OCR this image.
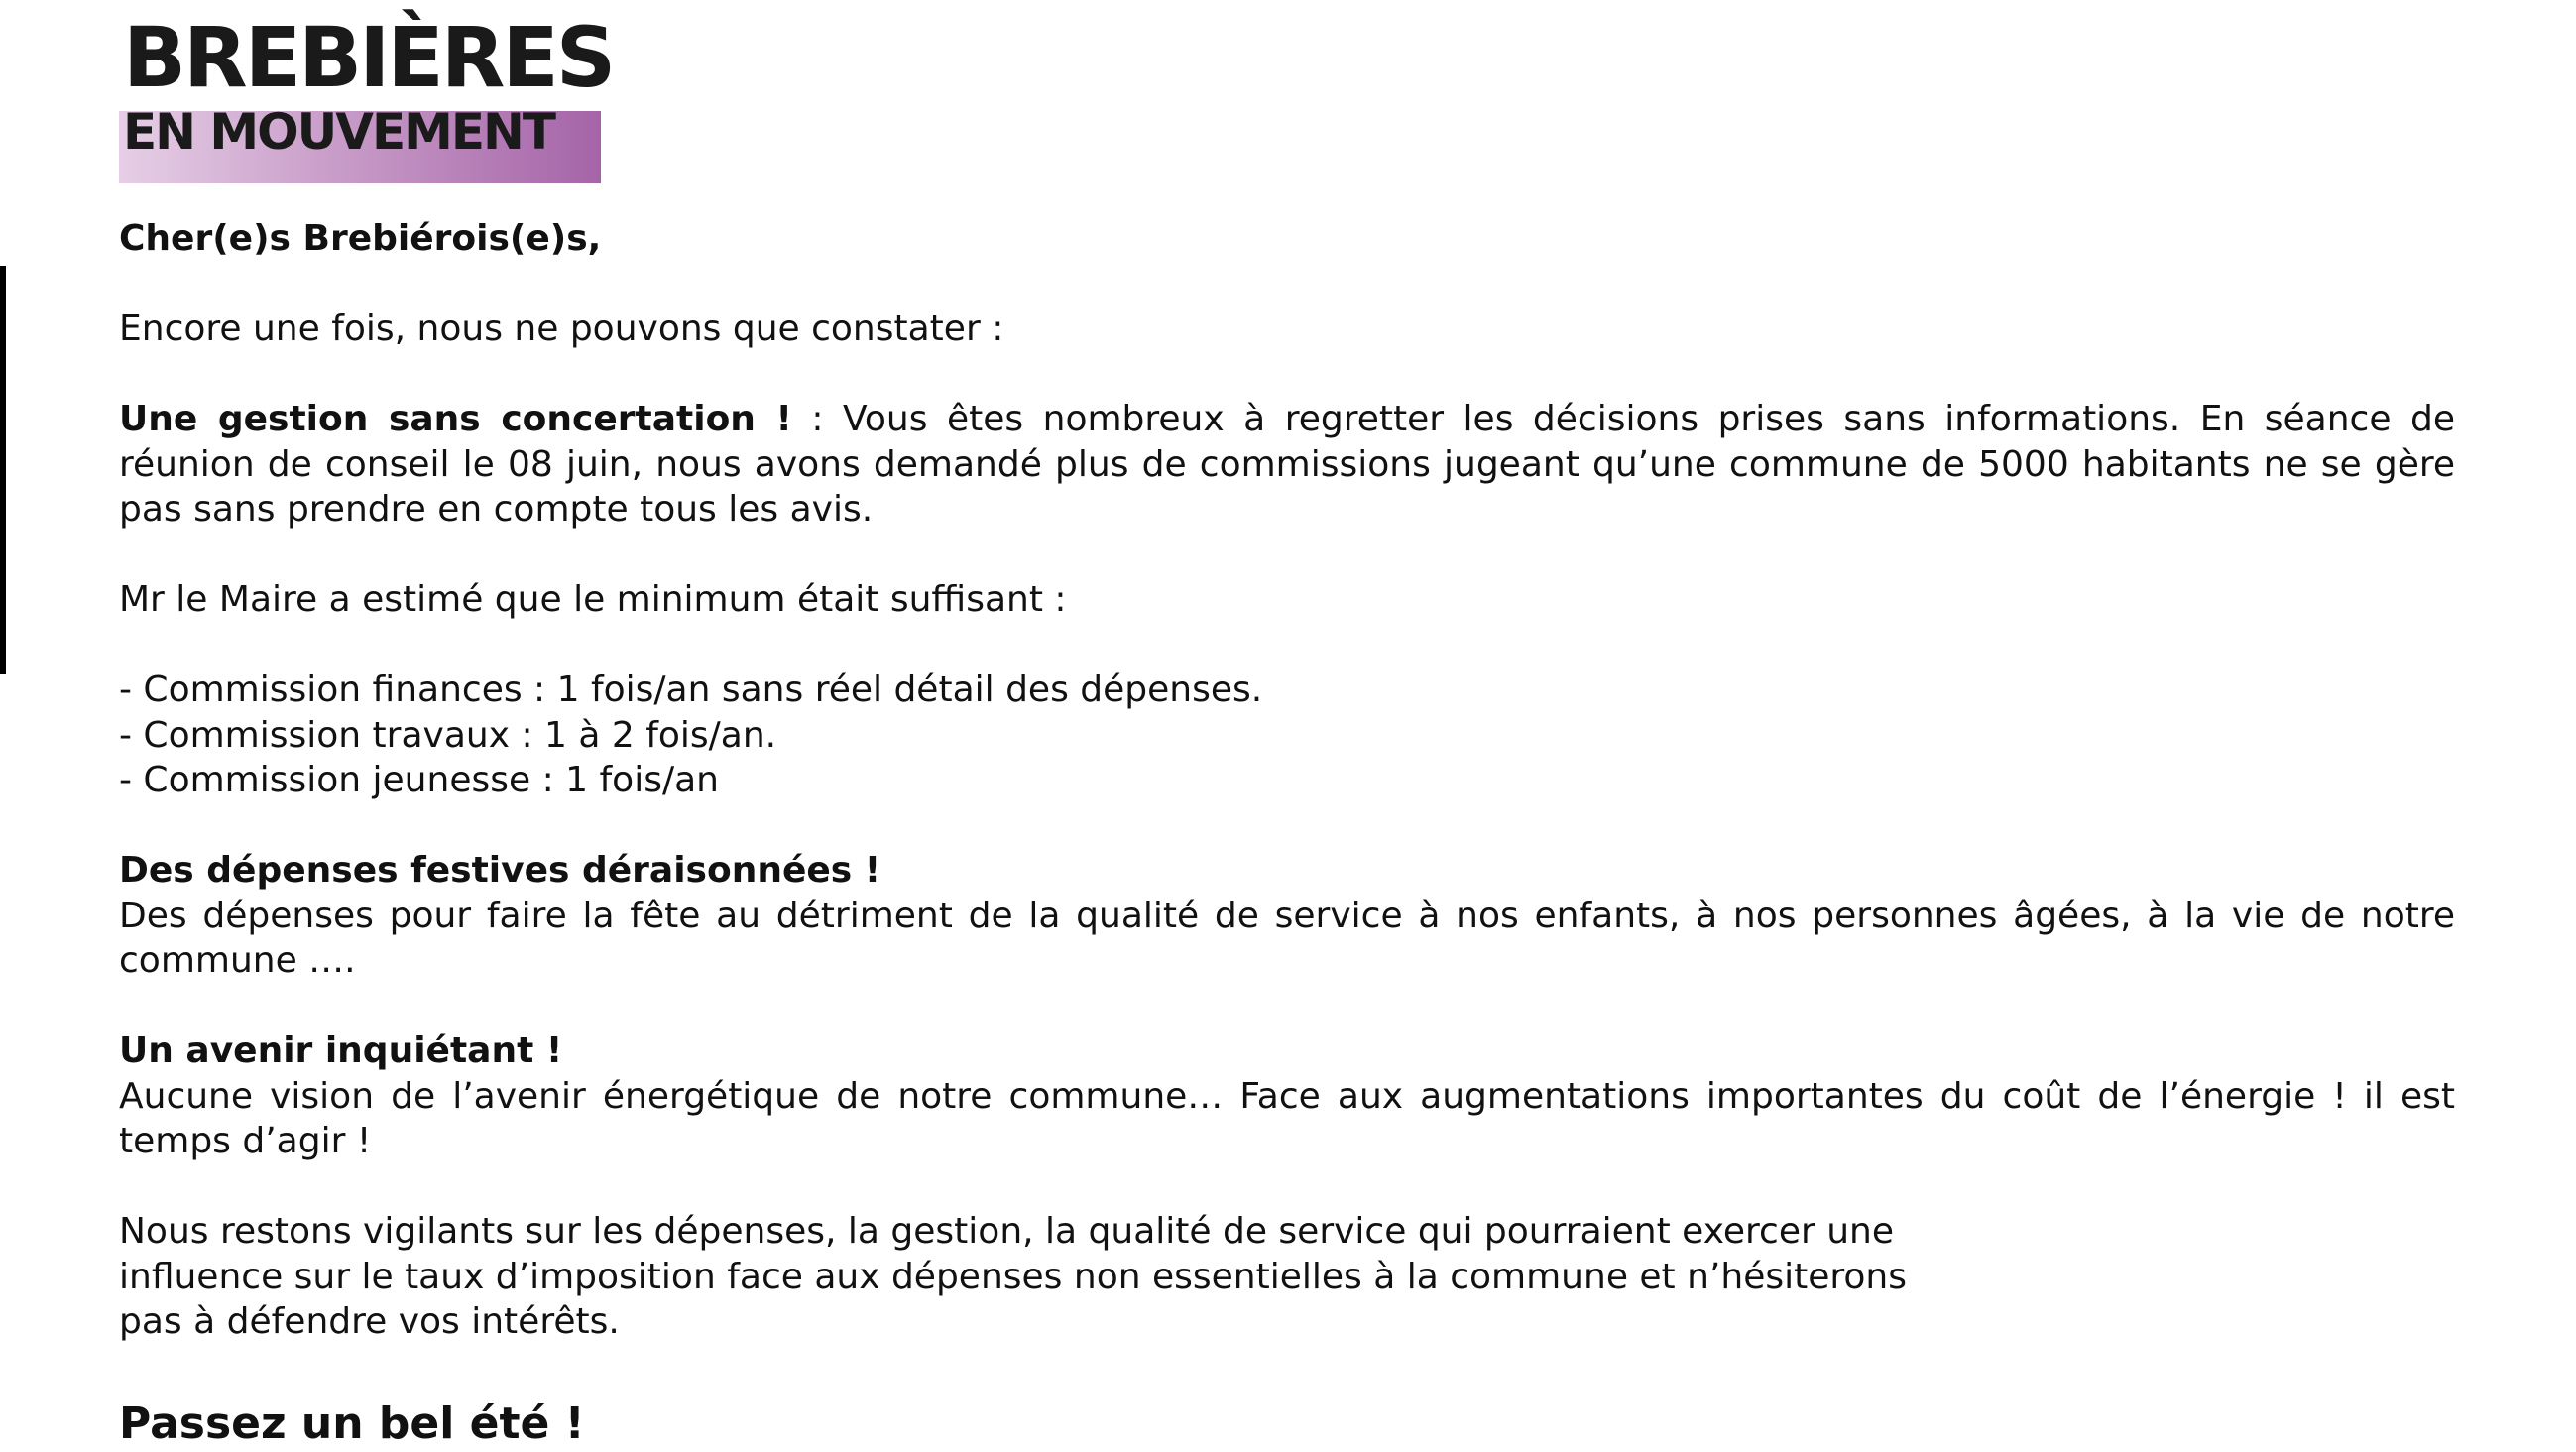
BREBIÈRES
EN MOUVEMENT

Cher(e)s Brebiérois(e)s,

Encore une fois, nous ne pouvons que constater :

Une gestion sans concertation ! : Vous êtes nombreux à regretter les décisions prises sans informations. En séance de réunion de conseil le 08 juin, nous avons demandé plus de commissions jugeant qu’une commune de 5000 habitants ne se gère pas sans prendre en compte tous les avis.

Mr le Maire a estimé que le minimum était suffisant :

- Commission finances : 1 fois/an sans réel détail des dépenses.
- Commission travaux : 1 à 2 fois/an.
- Commission jeunesse : 1 fois/an

Des dépenses festives déraisonnées !
Des dépenses pour faire la fête au détriment de la qualité de service à nos enfants, à nos personnes âgées, à la vie de notre commune ….

Un avenir inquiétant !
Aucune vision de l’avenir énergétique de notre commune… Face aux augmentations importantes du coût de l’énergie ! il est temps d’agir !

Nous restons vigilants sur les dépenses, la gestion, la qualité de service qui pourraient exercer une
influence sur le taux d’imposition face aux dépenses non essentielles à la commune et n’hésiterons
pas à défendre vos intérêts.

Passez un bel été !
